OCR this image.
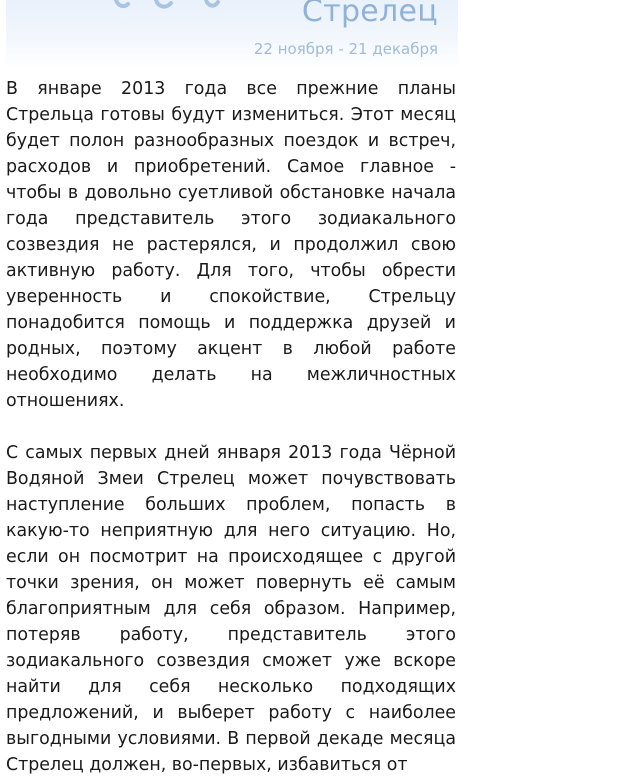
Стрелец
22 ноября - 21 декабря

В январе 2013 года все прежние планы Стрельца готовы будут измениться. Этот месяц будет полон разнообразных поездок и встреч, расходов и приобретений. Самое главное - чтобы в довольно суетливой обстановке начала года представитель этого зодиакального созвездия не растерялся, и продолжил свою активную работу. Для того, чтобы обрести уверенность и спокойствие, Стрельцу понадобится помощь и поддержка друзей и родных, поэтому акцент в любой работе необходимо делать на межличностных отношениях.

С самых первых дней января 2013 года Чёрной Водяной Змеи Стрелец может почувствовать наступление больших проблем, попасть в какую-то неприятную для него ситуацию. Но, если он посмотрит на происходящее с другой точки зрения, он может повернуть её самым благоприятным для себя образом. Например, потеряв работу, представитель этого зодиакального созвездия сможет уже вскоре найти для себя несколько подходящих предложений, и выберет работу с наиболее выгодными условиями. В первой декаде месяца Стрелец должен, во-первых, избавиться от
